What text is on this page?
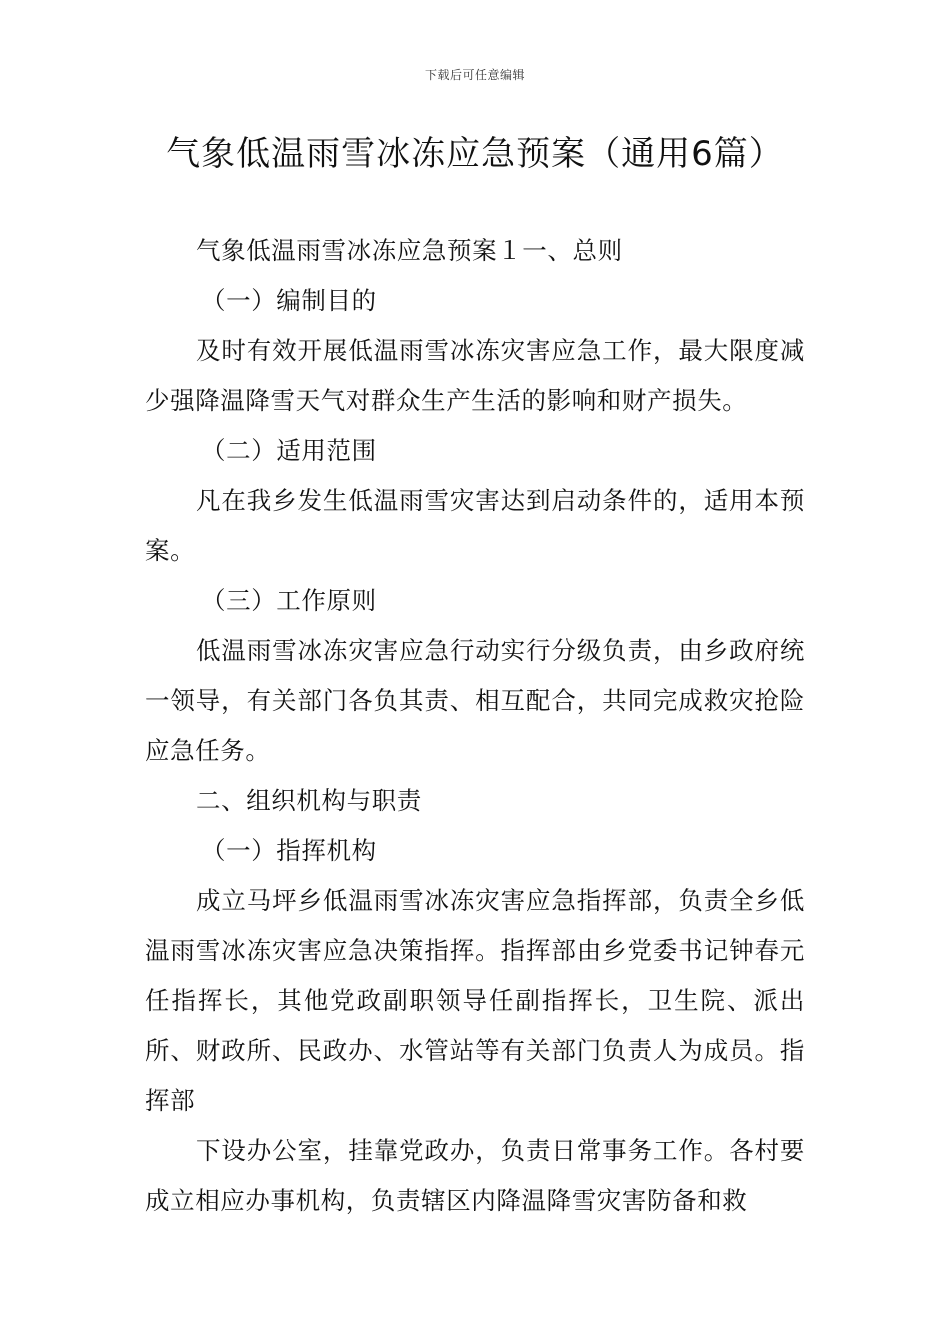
下载后可任意编辑
气象低温雨雪冰冻应急预案（通用6篇）

气象低温雨雪冰冻应急预案１一、总则

（一）编制目的

及时有效开展低温雨雪冰冻灾害应急工作，最大限度减少强降温降雪天气对群众生产生活的影响和财产损失。

（二）适用范围

凡在我乡发生低温雨雪灾害达到启动条件的，适用本预案。

（三）工作原则

低温雨雪冰冻灾害应急行动实行分级负责，由乡政府统一领导，有关部门各负其责、相互配合，共同完成救灾抢险应急任务。

二、组织机构与职责

（一）指挥机构

成立马坪乡低温雨雪冰冻灾害应急指挥部，负责全乡低温雨雪冰冻灾害应急决策指挥。指挥部由乡党委书记钟春元任指挥长，其他党政副职领导任副指挥长，卫生院、派出所、财政所、民政办、水管站等有关部门负责人为成员。指挥部

下设办公室，挂靠党政办，负责日常事务工作。各村要成立相应办事机构，负责辖区内降温降雪灾害防备和救
